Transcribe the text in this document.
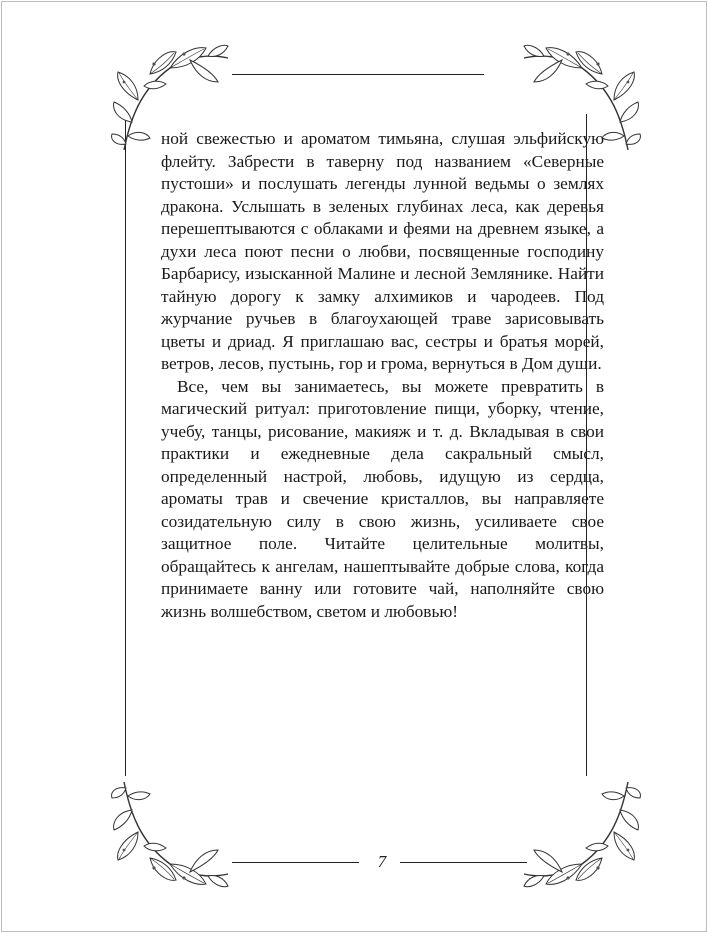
ной свежестью и ароматом тимьяна, слушая эльфийскую флейту. Забрести в таверну под названием «Северные пустоши» и послушать легенды лунной ведьмы о землях дракона. Услышать в зеленых глубинах леса, как деревья перешептываются с облаками и феями на древнем языке, а духи леса поют песни о любви, посвященные господину Барбарису, изысканной Малине и лесной Землянике. Найти тайную дорогу к замку алхимиков и чародеев. Под журчание ручьев в благоухающей траве зарисовывать цветы и дриад. Я приглашаю вас, сестры и братья морей, ветров, лесов, пустынь, гор и грома, вернуться в Дом души.

Все, чем вы занимаетесь, вы можете превратить в магический ритуал: приготовление пищи, уборку, чтение, учебу, танцы, рисование, макияж и т. д. Вкладывая в свои практики и ежедневные дела сакральный смысл, определенный настрой, любовь, идущую из сердца, ароматы трав и свечение кристаллов, вы направляете созидательную силу в свою жизнь, усиливаете свое защитное поле. Читайте целительные молитвы, обращайтесь к ангелам, нашептывайте добрые слова, когда принимаете ванну или готовите чай, наполняйте свою жизнь волшебством, светом и любовью!

7
